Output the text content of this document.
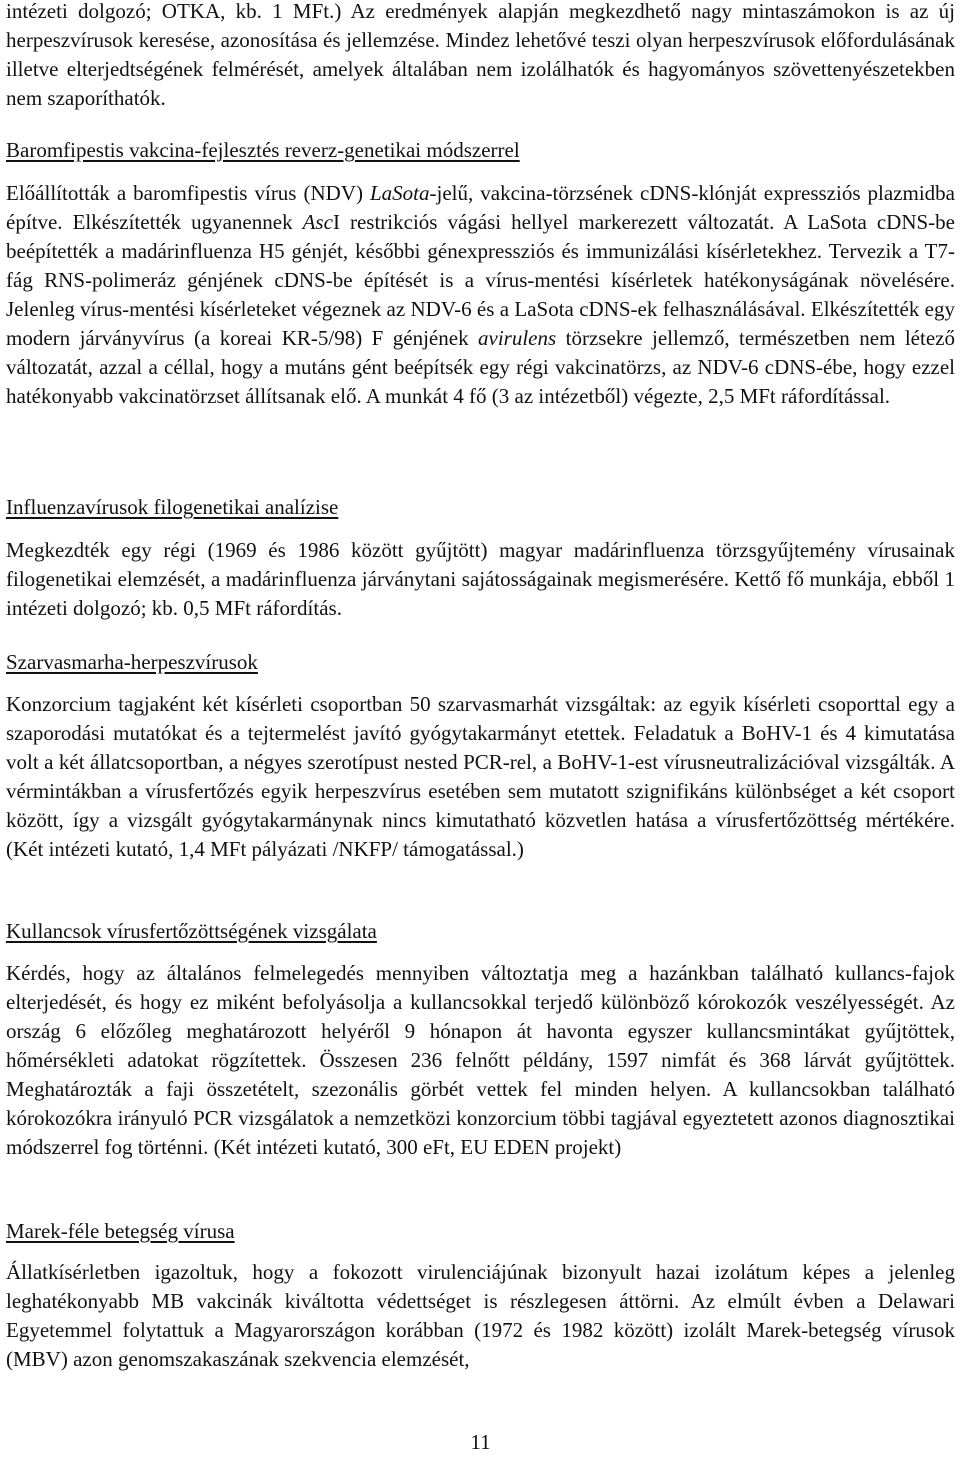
intézeti dolgozó; OTKA, kb. 1 MFt.) Az eredmények alapján megkezdhető nagy mintaszámokon is az új herpeszvírusok keresése, azonosítása és jellemzése. Mindez lehetővé teszi olyan herpeszvírusok előfordulásának illetve elterjedtségének felmérését, amelyek általában nem izolálhatók és hagyományos szövettenyészetekben nem szaporíthatók.

Baromfipestis vakcina-fejlesztés reverz-genetikai módszerrel

Előállították a baromfipestis vírus (NDV) LaSota-jelű, vakcina-törzsének cDNS-klónját expressziós plazmidba építve. Elkészítették ugyanennek AscI restrikciós vágási hellyel markerezett változatát. A LaSota cDNS-be beépítették a madárinfluenza H5 génjét, későbbi génexpressziós és immunizálási kísérletekhez. Tervezik a T7-fág RNS-polimeráz génjének cDNS-be építését is a vírus-mentési kísérletek hatékonyságának növelésére. Jelenleg vírus-mentési kísérleteket végeznek az NDV-6 és a LaSota cDNS-ek felhasználásával. Elkészítették egy modern járványvírus (a koreai KR-5/98) F génjének avirulens törzsekre jellemző, természetben nem létező változatát, azzal a céllal, hogy a mutáns gént beépítsék egy régi vakcinatörzs, az NDV-6 cDNS-ébe, hogy ezzel hatékonyabb vakcinatörzset állítsanak elő. A munkát 4 fő (3 az intézetből) végezte, 2,5 MFt ráfordítással.

Influenzavírusok filogenetikai analízise

Megkezdték egy régi (1969 és 1986 között gyűjtött) magyar madárinfluenza törzsgyűjtemény vírusainak filogenetikai elemzését, a madárinfluenza járványtani sajátosságainak megismerésére. Kettő fő munkája, ebből 1 intézeti dolgozó; kb. 0,5 MFt ráfordítás.

Szarvasmarha-herpeszvírusok

Konzorcium tagjaként két kísérleti csoportban 50 szarvasmarhát vizsgáltak: az egyik kísérleti csoporttal egy a szaporodási mutatókat és a tejtermelést javító gyógytakarmányt etettek. Feladatuk a BoHV-1 és 4 kimutatása volt a két állatcsoportban, a négyes szerotípust nested PCR-rel, a BoHV-1-est vírusneutralizációval vizsgálták. A vérmintákban a vírusfertőzés egyik herpeszvírus esetében sem mutatott szignifikáns különbséget a két csoport között, így a vizsgált gyógytakarmánynak nincs kimutatható közvetlen hatása a vírusfertőzöttség mértékére. (Két intézeti kutató, 1,4 MFt pályázati /NKFP/ támogatással.)

Kullancsok vírusfertőzöttségének vizsgálata

Kérdés, hogy az általános felmelegedés mennyiben változtatja meg a hazánkban található kullancs-fajok elterjedését, és hogy ez miként befolyásolja a kullancsokkal terjedő különböző kórokozók veszélyességét. Az ország 6 előzőleg meghatározott helyéről 9 hónapon át havonta egyszer kullancsmintákat gyűjtöttek, hőmérsékleti adatokat rögzítettek. Összesen 236 felnőtt példány, 1597 nimfát és 368 lárvát gyűjtöttek. Meghatározták a faji összetételt, szezonális görbét vettek fel minden helyen. A kullancsokban található kórokozókra irányuló PCR vizsgálatok a nemzetközi konzorcium többi tagjával egyeztetett azonos diagnosztikai módszerrel fog történni. (Két intézeti kutató, 300 eFt, EU EDEN projekt)

Marek-féle betegség vírusa

Állatkísérletben igazoltuk, hogy a fokozott virulenciájúnak bizonyult hazai izolátum képes a jelenleg leghatékonyabb MB vakcinák kiváltotta védettséget is részlegesen áttörni. Az elmúlt évben a Delawari Egyetemmel folytattuk a Magyarországon korábban (1972 és 1982 között) izolált Marek-betegség vírusok (MBV) azon genomszakaszának szekvencia elemzését,

11
